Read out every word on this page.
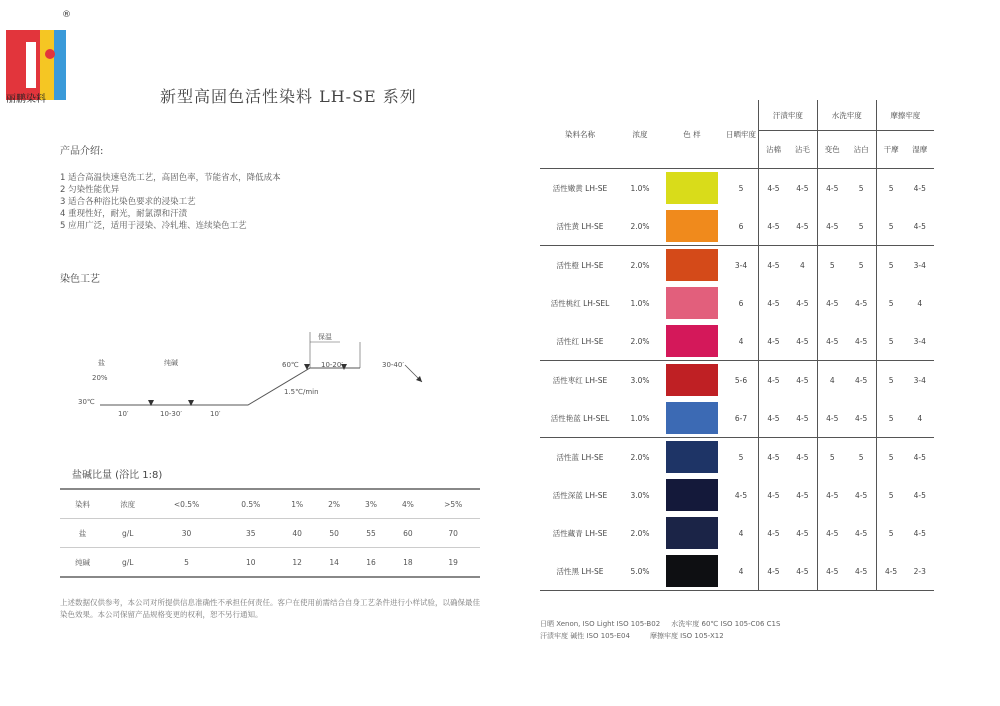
®
丽鹏染料	新型高固色活性染料 LH-SE 系列
产品介绍:
1 适合高温快速皂洗工艺，高固色率，节能省水，降低成本
2 匀染性能优异
3 适合各种浴比染色要求的浸染工艺
4 重现性好，耐光，耐氯漂和汗渍
5 应用广泛，适用于浸染、冷轧堆、连续染色工艺
染色工艺
盐
20%
纯碱	60℃
保温
10-20′	30-40′
30℃
10′	10-30′	10′
1.5℃/min
盐碱比量 (浴比 1:8)
染料	浓度	<0.5%	0.5%	1%	2%	3%	4%	>5%
盐	g/L	30	35	40	50	55	60	70
纯碱	g/L	5	10	12	14	16	18	19
上述数据仅供参考，本公司对所提供信息准确性不承担任何责任。客户在使用前需结合自身工艺条件进行小样试验，以确保最佳染色效果。本公司保留产品规格变更的权利，恕不另行通知。
染料名称	浓度	色 样	日晒牢度	汗渍牢度		水洗牢度		摩擦牢度	
				沾棉	沾毛	变色	沾白	干摩	湿摩
活性嫩黄 LH-SE	1.0%		5	4-5	4-5	4-5	5	5	4-5
活性黄 LH-SE	2.0%		6	4-5	4-5	4-5	5	5	4-5
活性橙 LH-SE	2.0%		3-4	4-5	4	5	5	5	3-4
活性桃红 LH-SEL	1.0%		6	4-5	4-5	4-5	4-5	5	4
活性红 LH-SE	2.0%		4	4-5	4-5	4-5	4-5	5	3-4
活性枣红 LH-SE	3.0%		5-6	4-5	4-5	4	4-5	5	3-4
活性艳蓝 LH-SEL	1.0%		6-7	4-5	4-5	4-5	4-5	5	4
活性蓝 LH-SE	2.0%		5	4-5	4-5	5	5	5	4-5
活性深蓝 LH-SE	3.0%		4-5	4-5	4-5	4-5	4-5	5	4-5
活性藏青 LH-SE	2.0%		4	4-5	4-5	4-5	4-5	5	4-5
活性黑 LH-SE	5.0%		4	4-5	4-5	4-5	4-5	4-5	2-3
日晒 Xenon, ISO Light ISO 105-B02 水洗牢度 60℃ ISO 105-C06 C1S
汗渍牢度 碱性 ISO 105-E04	摩擦牢度 ISO 105-X12
